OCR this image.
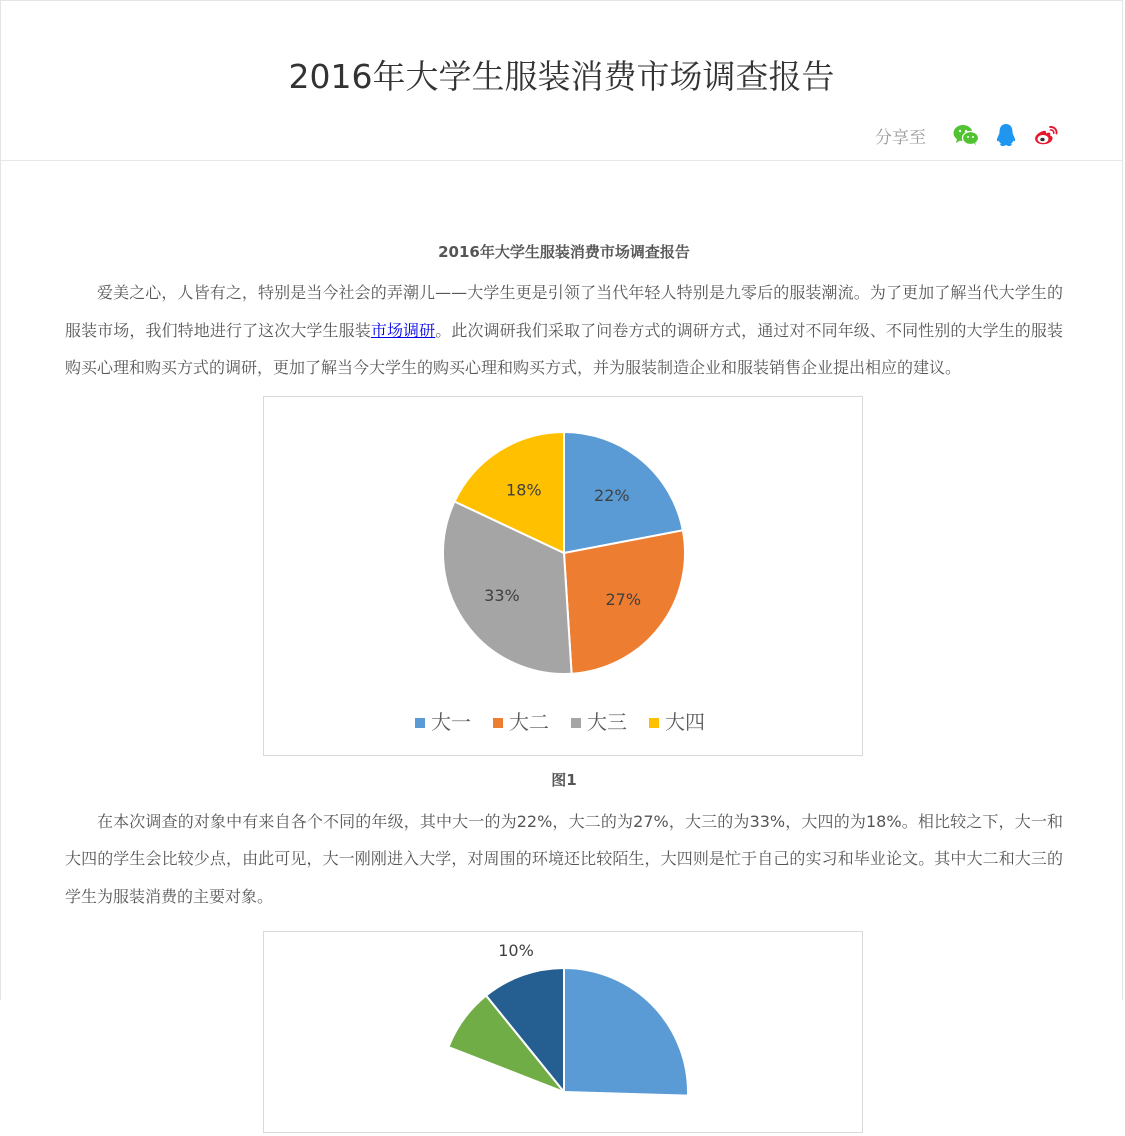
2016年大学生服装消费市场调查报告
分享至
2016年大学生服装消费市场调查报告

爱美之心，人皆有之，特别是当今社会的弄潮儿——大学生更是引领了当代年轻人特别是九零后的服装潮流。为了更加了解当代大学生的服装市场，我们特地进行了这次大学生服装市场调研。此次调研我们采取了问卷方式的调研方式，通过对不同年级、不同性别的大学生的服装购买心理和购买方式的调研，更加了解当今大学生的购买心理和购买方式，并为服装制造企业和服装销售企业提出相应的建议。

22%
27%
33%
18%
大一 大二 大三 大四
图1

在本次调查的对象中有来自各个不同的年级，其中大一的为22%，大二的为27%，大三的为33%，大四的为18%。相比较之下，大一和大四的学生会比较少点，由此可见，大一刚刚进入大学，对周围的环境还比较陌生，大四则是忙于自己的实习和毕业论文。其中大二和大三的学生为服装消费的主要对象。

10%
